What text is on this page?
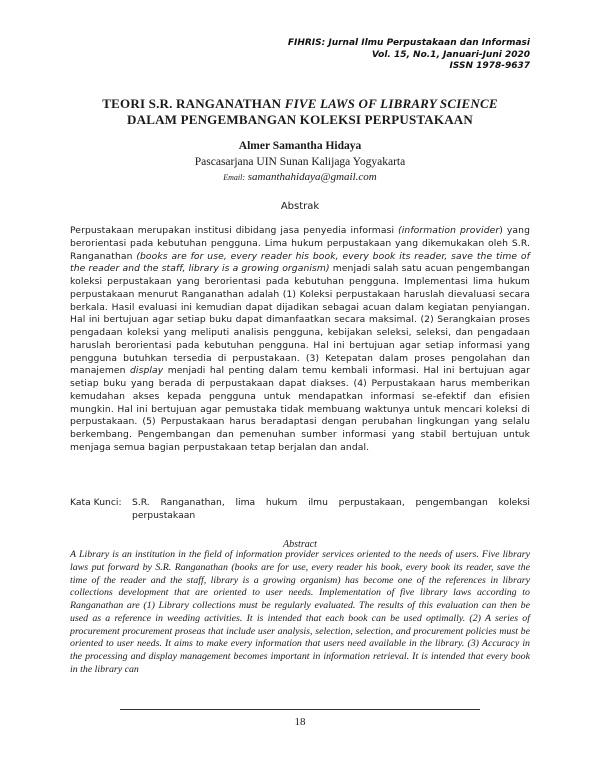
FIHRIS: Jurnal Ilmu Perpustakaan dan Informasi
Vol. 15, No.1, Januari-Juni 2020
ISSN 1978-9637
TEORI S.R. RANGANATHAN FIVE LAWS OF LIBRARY SCIENCE
DALAM PENGEMBANGAN KOLEKSI PERPUSTAKAAN
Almer Samantha Hidaya
Pascasarjana UIN Sunan Kalijaga Yogyakarta
Email: samanthahidaya@gmail.com
Abstrak
Perpustakaan merupakan institusi dibidang jasa penyedia informasi (information provider) yang berorientasi pada kebutuhan pengguna. Lima hukum perpustakaan yang dikemukakan oleh S.R. Ranganathan (books are for use, every reader his book, every book its reader, save the time of the reader and the staff, library is a growing organism) menjadi salah satu acuan pengembangan koleksi perpustakaan yang berorientasi pada kebutuhan pengguna. Implementasi lima hukum perpustakaan menurut Ranganathan adalah (1) Koleksi perpustakaan haruslah dievaluasi secara berkala. Hasil evaluasi ini kemudian dapat dijadikan sebagai acuan dalam kegiatan penyiangan. Hal ini bertujuan agar setiap buku dapat dimanfaatkan secara maksimal. (2) Serangkaian proses pengadaan koleksi yang meliputi analisis pengguna, kebijakan seleksi, seleksi, dan pengadaan haruslah berorientasi pada kebutuhan pengguna. Hal ini bertujuan agar setiap informasi yang pengguna butuhkan tersedia di perpustakaan. (3) Ketepatan dalam proses pengolahan dan manajemen display menjadi hal penting dalam temu kembali informasi. Hal ini bertujuan agar setiap buku yang berada di perpustakaan dapat diakses. (4) Perpustakaan harus memberikan kemudahan akses kepada pengguna untuk mendapatkan informasi se-efektif dan efisien mungkin. Hal ini bertujuan agar pemustaka tidak membuang waktunya untuk mencari koleksi di perpustakaan. (5) Perpustakaan harus beradaptasi dengan perubahan lingkungan yang selalu berkembang. Pengembangan dan pemenuhan sumber informasi yang stabil bertujuan untuk menjaga semua bagian perpustakaan tetap berjalan dan andal.
Kata Kunci:	S.R. Ranganathan, lima hukum ilmu perpustakaan, pengembangan koleksi perpustakaan
Abstract
A Library is an institution in the field of information provider services oriented to the needs of users. Five library laws put forward by S.R. Ranganathan (books are for use, every reader his book, every book its reader, save the time of the reader and the staff, library is a growing organism) has become one of the references in library collections development that are oriented to user needs. Implementation of five library laws according to Ranganathan are (1) Library collections must be regularly evaluated. The results of this evaluation can then be used as a reference in weeding activities. It is intended that each book can be used optimally. (2) A series of procurement procurement proseas that include user analysis, selection, selection, and procurement policies must be oriented to user needs. It aims to make every information that users need available in the library. (3) Accuracy in the processing and display management becomes important in information retrieval. It is intended that every book in the library can
18
